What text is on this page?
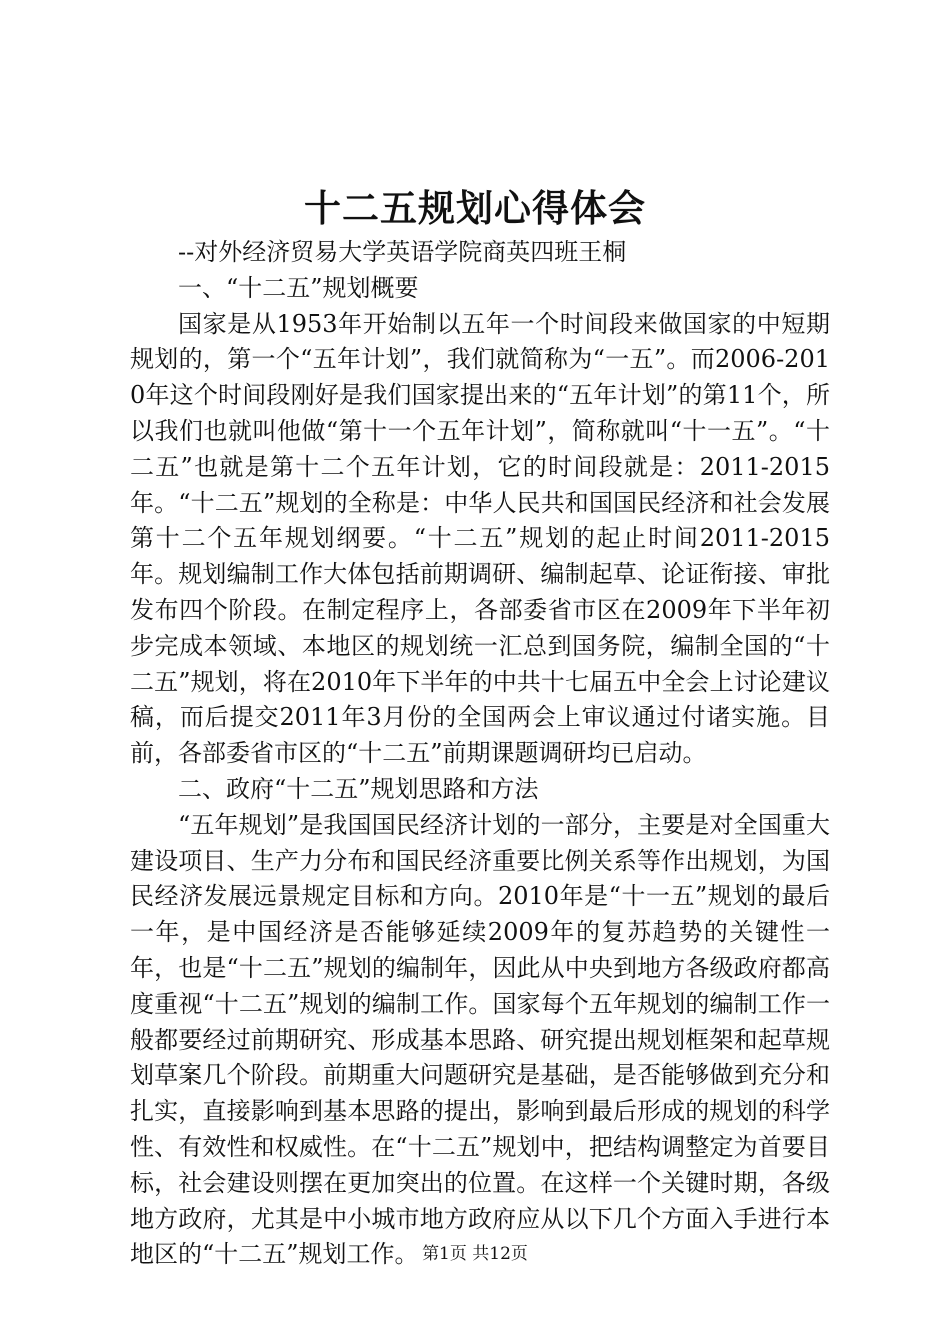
十二五规划心得体会

--对外经济贸易大学英语学院商英四班王桐

一、“十二五”规划概要

国家是从1953年开始制以五年一个时间段来做国家的中短期规划的，第一个“五年计划”，我们就简称为“一五”。而2006-2010年这个时间段刚好是我们国家提出来的“五年计划”的第11个，所以我们也就叫他做“第十一个五年计划”，简称就叫“十一五”。“十二五”也就是第十二个五年计划，它的时间段就是：2011-2015年。“十二五”规划的全称是：中华人民共和国国民经济和社会发展第十二个五年规划纲要。“十二五”规划的起止时间2011-2015年。规划编制工作大体包括前期调研、编制起草、论证衔接、审批发布四个阶段。在制定程序上，各部委省市区在2009年下半年初步完成本领域、本地区的规划统一汇总到国务院，编制全国的“十二五”规划，将在2010年下半年的中共十七届五中全会上讨论建议稿，而后提交2011年3月份的全国两会上审议通过付诸实施。目前，各部委省市区的“十二五”前期课题调研均已启动。

二、政府“十二五”规划思路和方法

“五年规划”是我国国民经济计划的一部分，主要是对全国重大建设项目、生产力分布和国民经济重要比例关系等作出规划，为国民经济发展远景规定目标和方向。2010年是“十一五”规划的最后一年，是中国经济是否能够延续2009年的复苏趋势的关键性一年，也是“十二五”规划的编制年，因此从中央到地方各级政府都高度重视“十二五”规划的编制工作。国家每个五年规划的编制工作一般都要经过前期研究、形成基本思路、研究提出规划框架和起草规划草案几个阶段。前期重大问题研究是基础，是否能够做到充分和扎实，直接影响到基本思路的提出，影响到最后形成的规划的科学性、有效性和权威性。在“十二五”规划中，把结构调整定为首要目标，社会建设则摆在更加突出的位置。在这样一个关键时期，各级地方政府，尤其是中小城市地方政府应从以下几个方面入手进行本地区的“十二五”规划工作。 第1页 共12页
